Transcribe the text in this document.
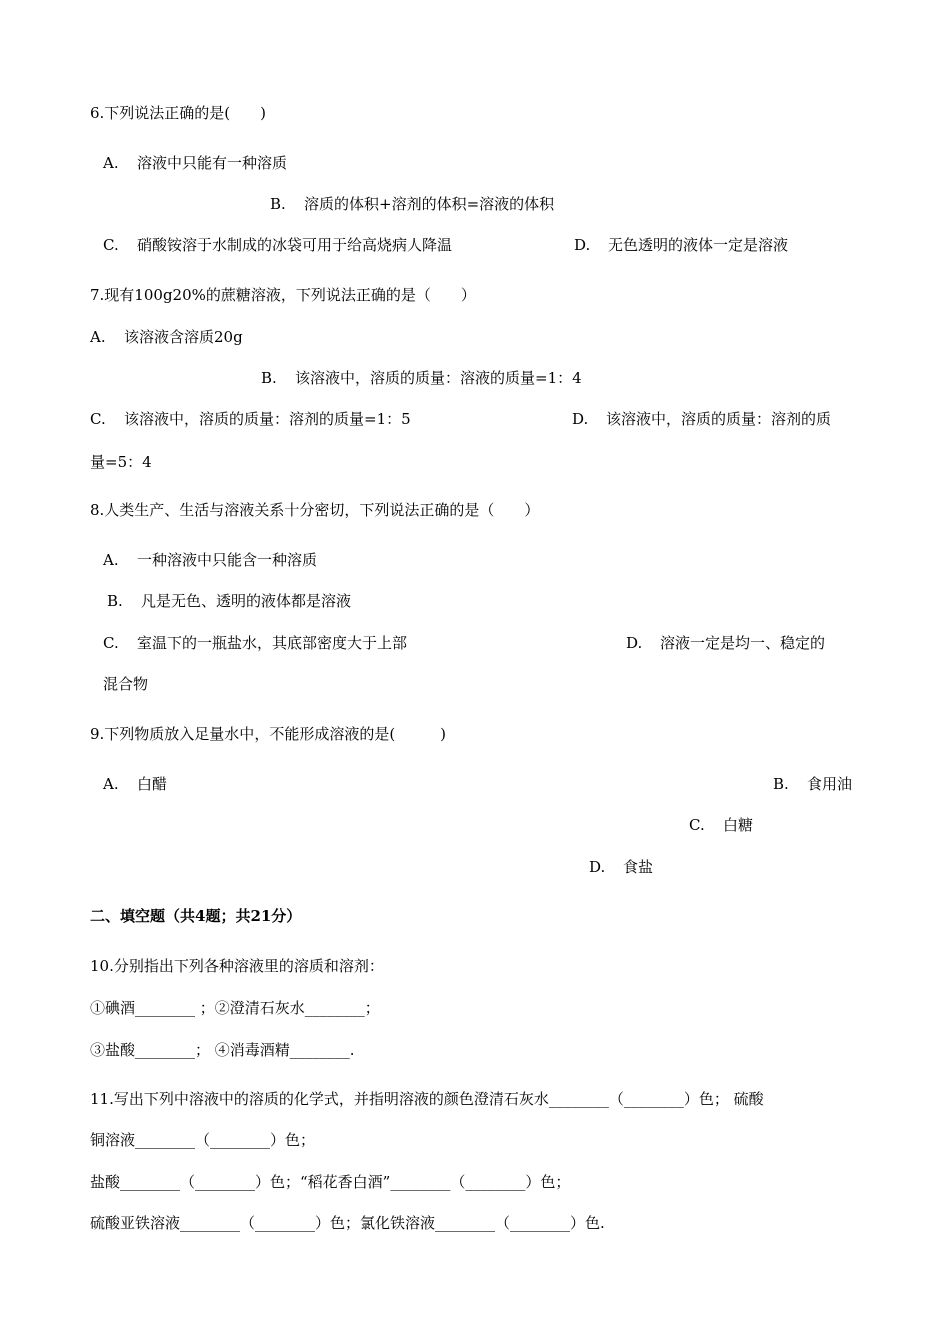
6.下列说法正确的是(　　)
A. 溶液中只能有一种溶质
B. 溶质的体积+溶剂的体积=溶液的体积
C. 硝酸铵溶于水制成的冰袋可用于给高烧病人降温	D. 无色透明的液体一定是溶液
7.现有100g20%的蔗糖溶液，下列说法正确的是（　　）
A. 该溶液含溶质20g
B. 该溶液中，溶质的质量：溶液的质量=1：4
C. 该溶液中，溶质的质量：溶剂的质量=1：5	D. 该溶液中，溶质的质量：溶剂的质
量=5：4
8.人类生产、生活与溶液关系十分密切，下列说法正确的是（　　）
A. 一种溶液中只能含一种溶质
B. 凡是无色、透明的液体都是溶液
C. 室温下的一瓶盐水，其底部密度大于上部	D. 溶液一定是均一、稳定的
混合物
9.下列物质放入足量水中，不能形成溶液的是(　　　)
A. 白醋	B. 食用油
C. 白糖
D. 食盐
二、填空题（共4题；共21分）
10.分别指出下列各种溶液里的溶质和溶剂：
①碘酒________ ；②澄清石灰水________；
③盐酸________； ④消毒酒精________.
11.写出下列中溶液中的溶质的化学式，并指明溶液的颜色澄清石灰水________（________）色； 硫酸
铜溶液________（________）色；
盐酸________（________）色；“稻花香白酒”________（________）色；
硫酸亚铁溶液________（________）色；氯化铁溶液________（________）色.
